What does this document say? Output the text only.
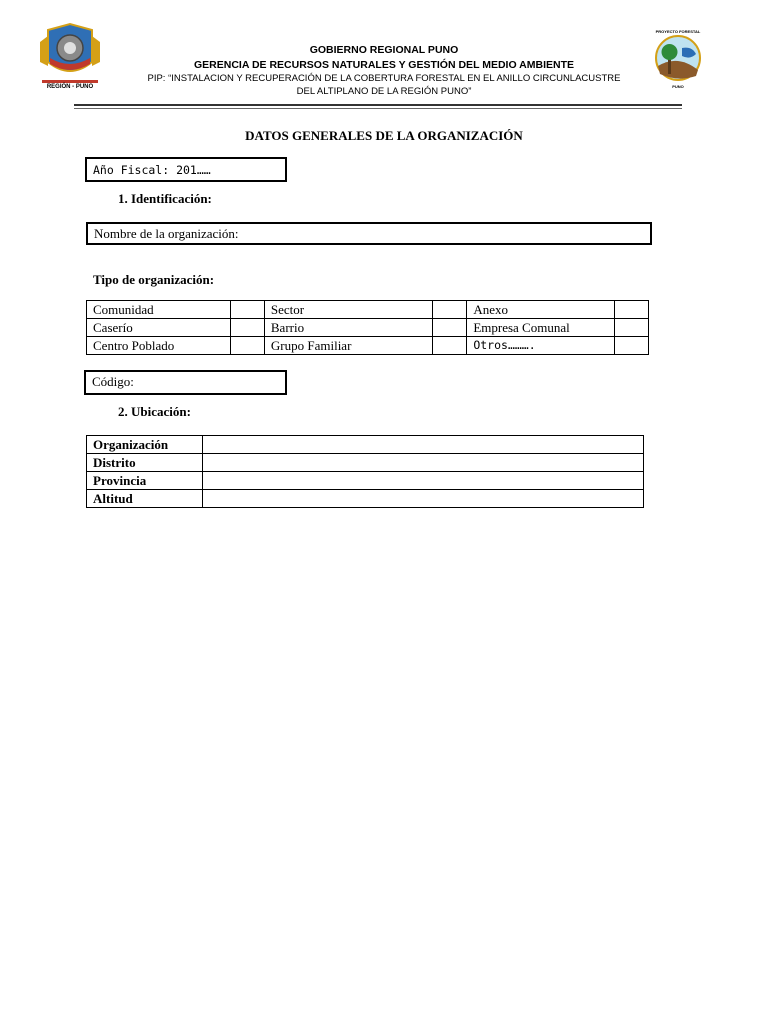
REGIÓN - PUNO
PROYECTO FORESTAL
PUNO
GOBIERNO REGIONAL PUNO
GERENCIA DE RECURSOS NATURALES Y GESTIÓN DEL MEDIO AMBIENTE
PIP: “INSTALACION Y RECUPERACIÓN DE LA COBERTURA FORESTAL EN EL ANILLO CIRCUNLACUSTRE
DEL ALTIPLANO DE LA REGIÓN PUNO”
DATOS GENERALES DE LA ORGANIZACIÓN
Año Fiscal: 201……
1. Identificación:
Nombre de la organización:
Tipo de organización:
Comunidad		Sector		Anexo	
Caserío		Barrio		Empresa Comunal	
Centro Poblado		Grupo Familiar		Otros……….	
Código:
2. Ubicación:
Organización	
Distrito	
Provincia	
Altitud	
